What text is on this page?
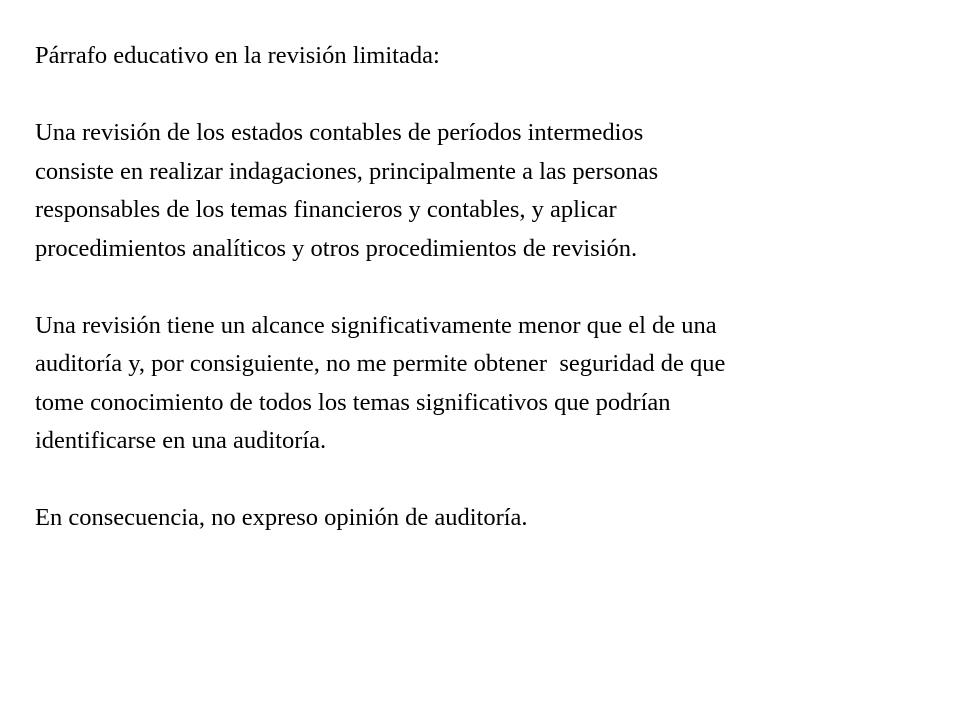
Párrafo educativo en la revisión limitada:

Una revisión de los estados contables de períodos intermedios
consiste en realizar indagaciones, principalmente a las personas
responsables de los temas financieros y contables, y aplicar
procedimientos analíticos y otros procedimientos de revisión.

Una revisión tiene un alcance significativamente menor que el de una
auditoría y, por consiguiente, no me permite obtener  seguridad de que
tome conocimiento de todos los temas significativos que podrían
identificarse en una auditoría.

En consecuencia, no expreso opinión de auditoría.
